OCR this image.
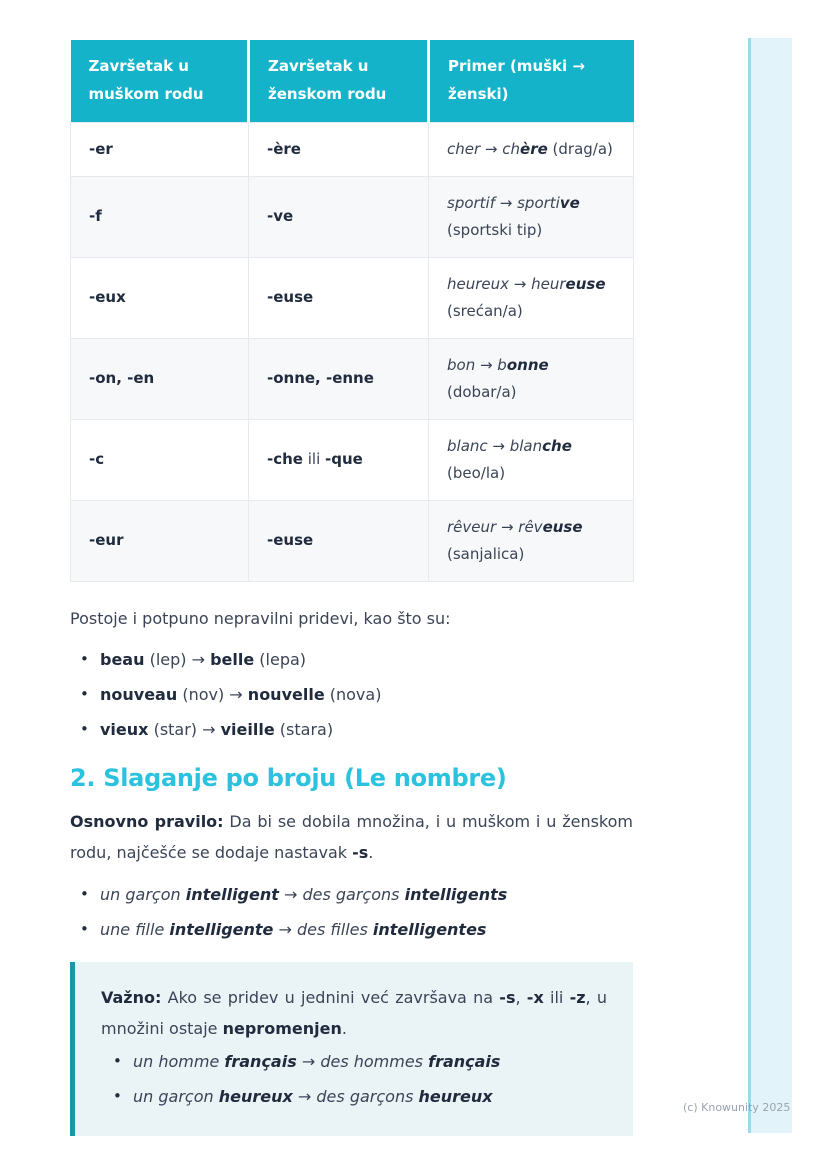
Završetak u muškom rodu	Završetak u ženskom rodu	Primer (muški → ženski)
-er	-ère	cher → chère (drag/a)
-f	-ve	sportif → sportive (sportski tip)
-eux	-euse	heureux → heureuse (srećan/a)
-on, -en	-onne, -enne	bon → bonne (dobar/a)
-c	-che ili -que	blanc → blanche (beo/la)
-eur	-euse	rêveur → rêveuse (sanjalica)

Postoje i potpuno nepravilni pridevi, kao što su:

• beau (lep) → belle (lepa)
• nouveau (nov) → nouvelle (nova)
• vieux (star) → vieille (stara)
2. Slaganje po broju (Le nombre)

Osnovno pravilo: Da bi se dobila množina, i u muškom i u ženskom rodu, najčešće se dodaje nastavak -s.

• un garçon intelligent → des garçons intelligents
• une fille intelligente → des filles intelligentes

Važno: Ako se pridev u jednini već završava na -s, -x ili -z, u množini ostaje nepromenjen.

• un homme français → des hommes français
• un garçon heureux → des garçons heureux
(c) Knowunity 2025
